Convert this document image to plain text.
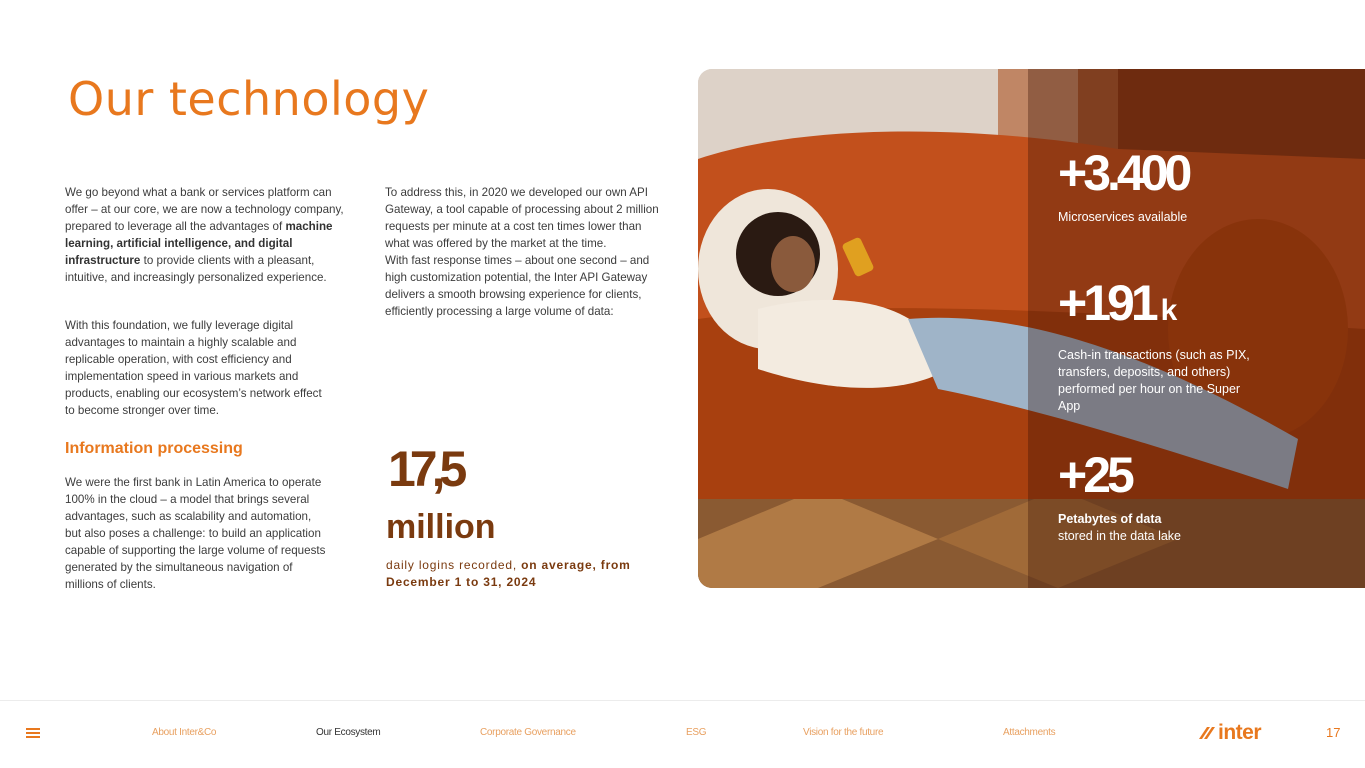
Our technology

We go beyond what a bank or services platform can offer – at our core, we are now a technology company, prepared to leverage all the advantages of machine learning, artificial intelligence, and digital infrastructure to provide clients with a pleasant, intuitive, and increasingly personalized experience.

With this foundation, we fully leverage digital advantages to maintain a highly scalable and replicable operation, with cost efficiency and implementation speed in various markets and products, enabling our ecosystem’s network effect to become stronger over time.

Information processing

We were the first bank in Latin America to operate 100% in the cloud – a model that brings several advantages, such as scalability and automation, but also poses a challenge: to build an application capable of supporting the large volume of requests generated by the simultaneous navigation of millions of clients.

To address this, in 2020 we developed our own API Gateway, a tool capable of processing about 2 million requests per minute at a cost ten times lower than what was offered by the market at the time.

With fast response times – about one second – and high customization potential, the Inter API Gateway delivers a smooth browsing experience for clients, efficiently processing a large volume of data:

17,5
million

daily logins recorded, on average, from December 1 to 31, 2024

+3.400
Microservices available
+191 k
Cash-in transactions (such as PIX, transfers, deposits, and others) performed per hour on the Super App
+25
Petabytes of data
stored in the data lake
About Inter&Co	Our Ecosystem	Corporate Governance	ESG	Vision for the future	Attachments	inter	17
